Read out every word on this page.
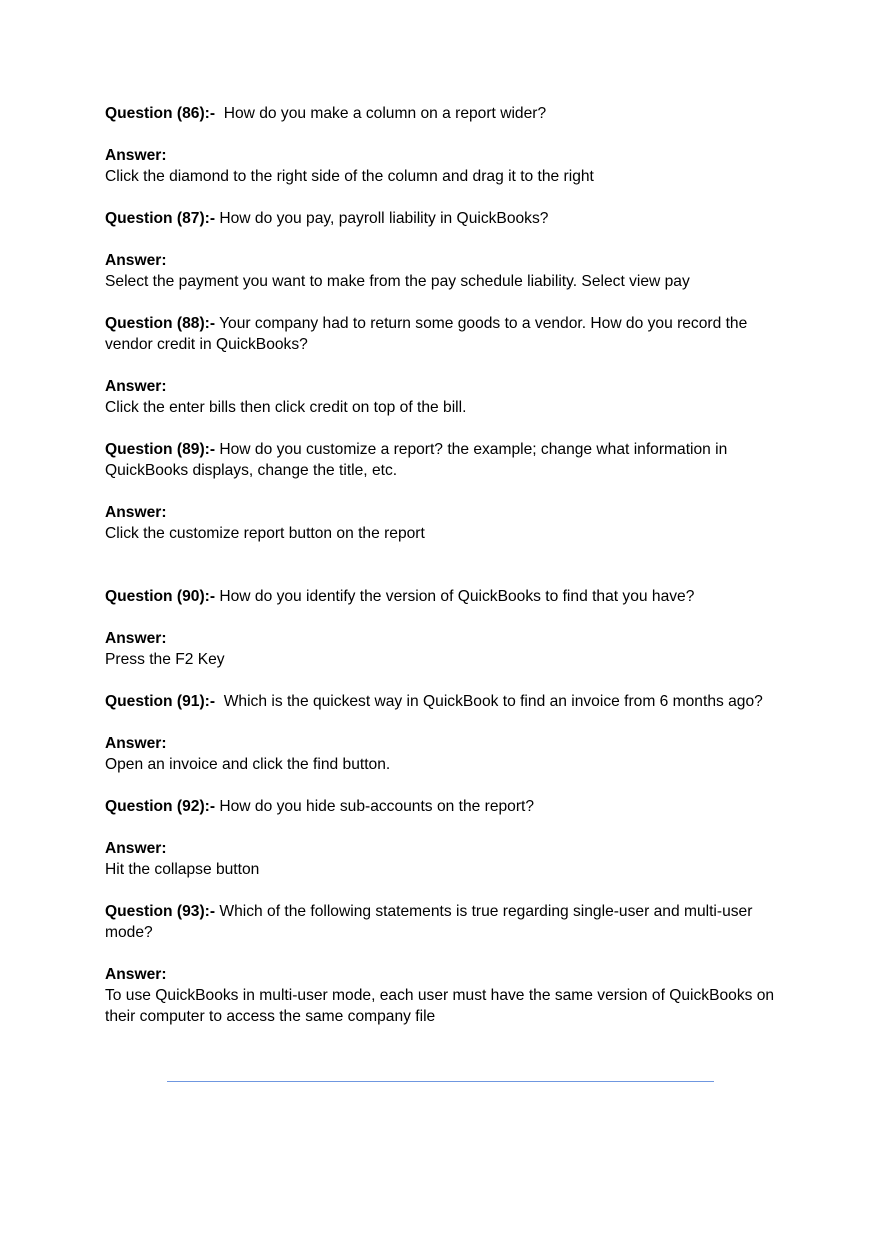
Question (86):-  How do you make a column on a report wider?

Answer:
Click the diamond to the right side of the column and drag it to the right

Question (87):- How do you pay, payroll liability in QuickBooks?

Answer:
Select the payment you want to make from the pay schedule liability. Select view pay

Question (88):- Your company had to return some goods to a vendor. How do you record the vendor credit in QuickBooks?

Answer:
Click the enter bills then click credit on top of the bill.

Question (89):- How do you customize a report? the example; change what information in QuickBooks displays, change the title, etc.

Answer:
Click the customize report button on the report

Question (90):- How do you identify the version of QuickBooks to find that you have?

Answer:
Press the F2 Key

Question (91):-  Which is the quickest way in QuickBook to find an invoice from 6 months ago?

Answer:
Open an invoice and click the find button.

Question (92):- How do you hide sub-accounts on the report?

Answer:
Hit the collapse button

Question (93):- Which of the following statements is true regarding single-user and multi-user mode?

Answer:
To use QuickBooks in multi-user mode, each user must have the same version of QuickBooks on their computer to access the same company file
